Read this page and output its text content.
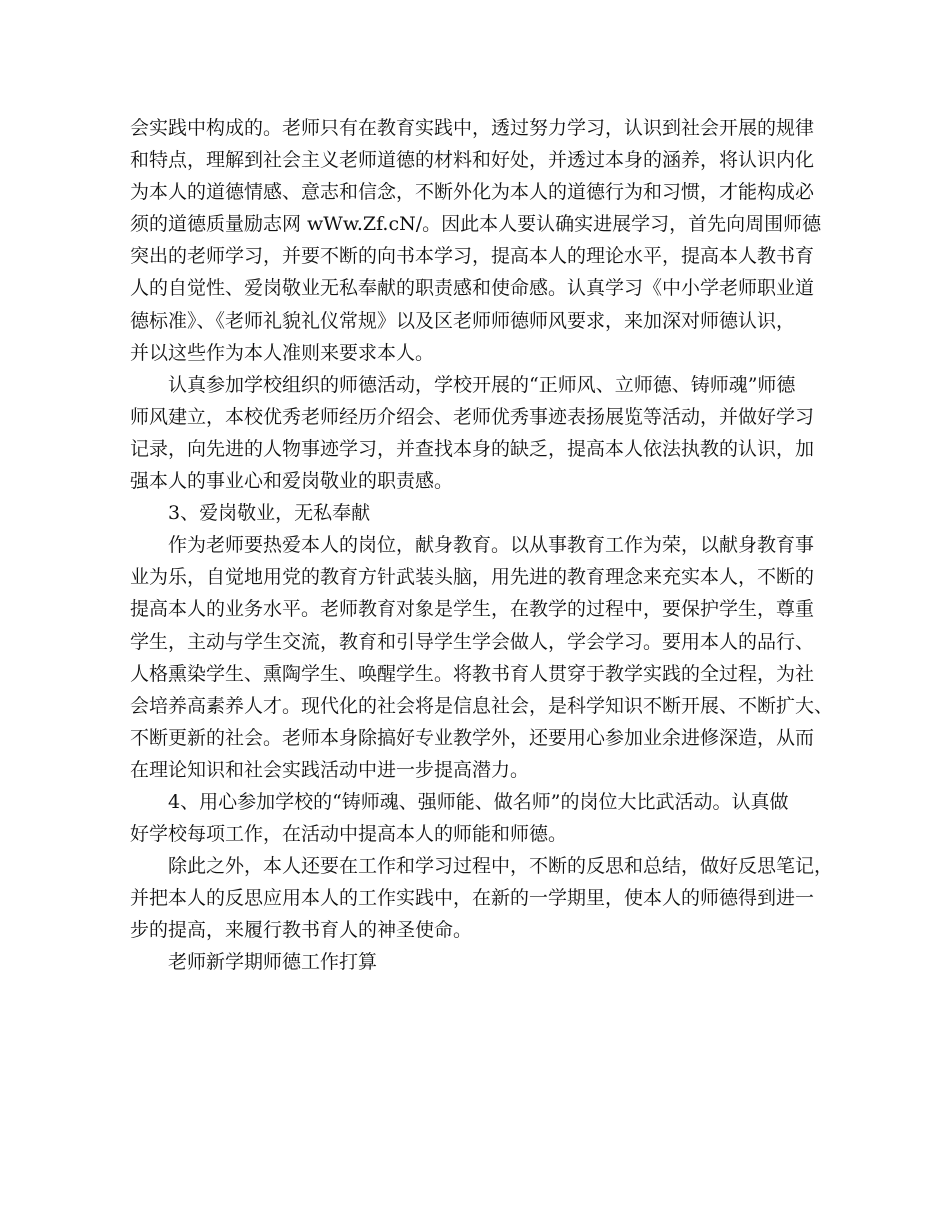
会实践中构成的。老师只有在教育实践中，透过努力学习，认识到社会开展的规律
和特点，理解到社会主义老师道德的材料和好处，并透过本身的涵养，将认识内化
为本人的道德情感、意志和信念，不断外化为本人的道德行为和习惯，才能构成必
须的道德质量励志网 wWw.Zf.cN/。因此本人要认确实进展学习，首先向周围师德
突出的老师学习，并要不断的向书本学习，提高本人的理论水平，提高本人教书育
人的自觉性、爱岗敬业无私奉献的职责感和使命感。认真学习《中小学老师职业道
德标准》、《老师礼貌礼仪常规》以及区老师师德师风要求，来加深对师德认识，
并以这些作为本人准则来要求本人。
　　认真参加学校组织的师德活动，学校开展的“正师风、立师德、铸师魂”师德
师风建立，本校优秀老师经历介绍会、老师优秀事迹表扬展览等活动，并做好学习
记录，向先进的人物事迹学习，并查找本身的缺乏，提高本人依法执教的认识，加
强本人的事业心和爱岗敬业的职责感。
　　3、爱岗敬业，无私奉献
　　作为老师要热爱本人的岗位，献身教育。以从事教育工作为荣，以献身教育事
业为乐，自觉地用党的教育方针武装头脑，用先进的教育理念来充实本人，不断的
提高本人的业务水平。老师教育对象是学生，在教学的过程中，要保护学生，尊重
学生，主动与学生交流，教育和引导学生学会做人，学会学习。要用本人的品行、
人格熏染学生、熏陶学生、唤醒学生。将教书育人贯穿于教学实践的全过程，为社
会培养高素养人才。现代化的社会将是信息社会，是科学知识不断开展、不断扩大、
不断更新的社会。老师本身除搞好专业教学外，还要用心参加业余进修深造，从而
在理论知识和社会实践活动中进一步提高潜力。
　　4、用心参加学校的“铸师魂、强师能、做名师”的岗位大比武活动。认真做
好学校每项工作，在活动中提高本人的师能和师德。
　　除此之外，本人还要在工作和学习过程中，不断的反思和总结，做好反思笔记，
并把本人的反思应用本人的工作实践中，在新的一学期里，使本人的师德得到进一
步的提高，来履行教书育人的神圣使命。
　　老师新学期师德工作打算
